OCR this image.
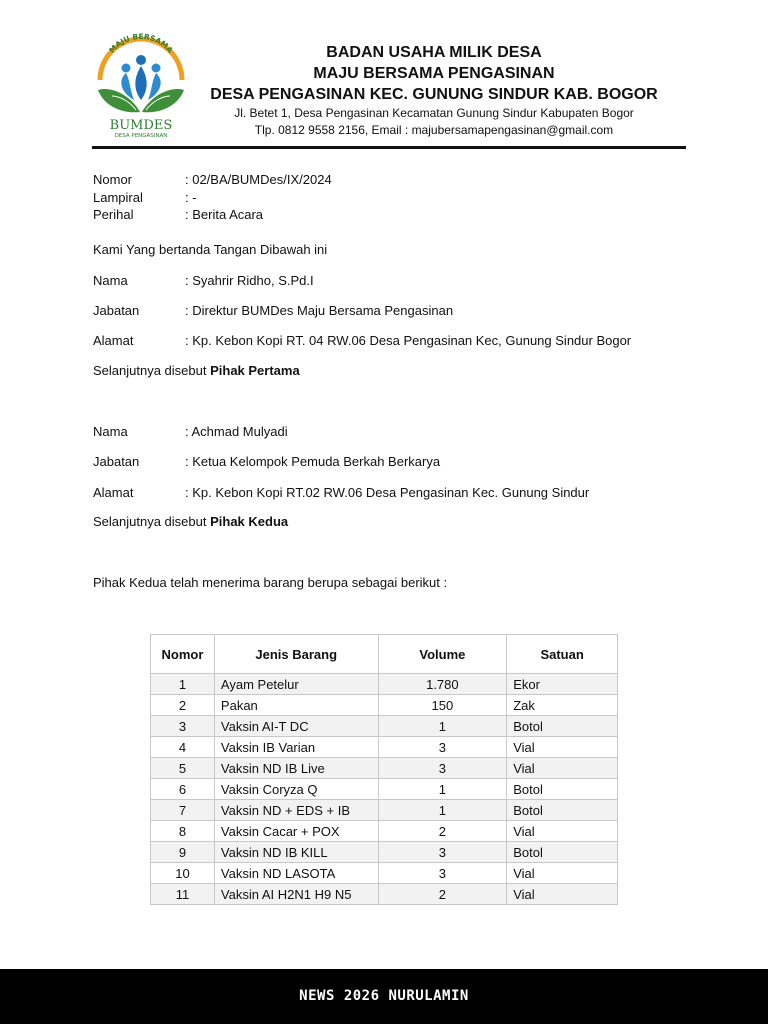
MAJU BERSAMA
BUMDES
DESA PENGASINAN
BADAN USAHA MILIK DESA
MAJU BERSAMA PENGASINAN
DESA PENGASINAN KEC. GUNUNG SINDUR KAB. BOGOR
Jl. Betet 1, Desa Pengasinan Kecamatan Gunung Sindur Kabupaten Bogor
Tlp. 0812 9558 2156, Email : majubersamapengasinan@gmail.com
Nomor	: 02/BA/BUMDes/IX/2024
Lampiral	: -
Perihal	: Berita Acara
Kami Yang bertanda Tangan Dibawah ini
Nama	: Syahrir Ridho, S.Pd.I
Jabatan	: Direktur BUMDes Maju Bersama Pengasinan
Alamat	: Kp. Kebon Kopi RT. 04 RW.06 Desa Pengasinan Kec, Gunung Sindur Bogor
Selanjutnya disebut Pihak Pertama
Nama	: Achmad Mulyadi
Jabatan	: Ketua Kelompok Pemuda Berkah Berkarya
Alamat	: Kp. Kebon Kopi RT.02 RW.06 Desa Pengasinan Kec. Gunung Sindur
Selanjutnya disebut Pihak Kedua
Pihak Kedua telah menerima barang berupa sebagai berikut :
Nomor	Jenis Barang	Volume	Satuan
1	Ayam Petelur	1.780	Ekor
2	Pakan	150	Zak
3	Vaksin AI-T DC	1	Botol
4	Vaksin IB Varian	3	Vial
5	Vaksin ND IB Live	3	Vial
6	Vaksin Coryza Q	1	Botol
7	Vaksin ND + EDS + IB	1	Botol
8	Vaksin Cacar + POX	2	Vial
9	Vaksin ND IB KILL	3	Botol
10	Vaksin ND LASOTA	3	Vial
11	Vaksin AI H2N1 H9 N5	2	Vial
NEWS 2026 NURULAMIN
